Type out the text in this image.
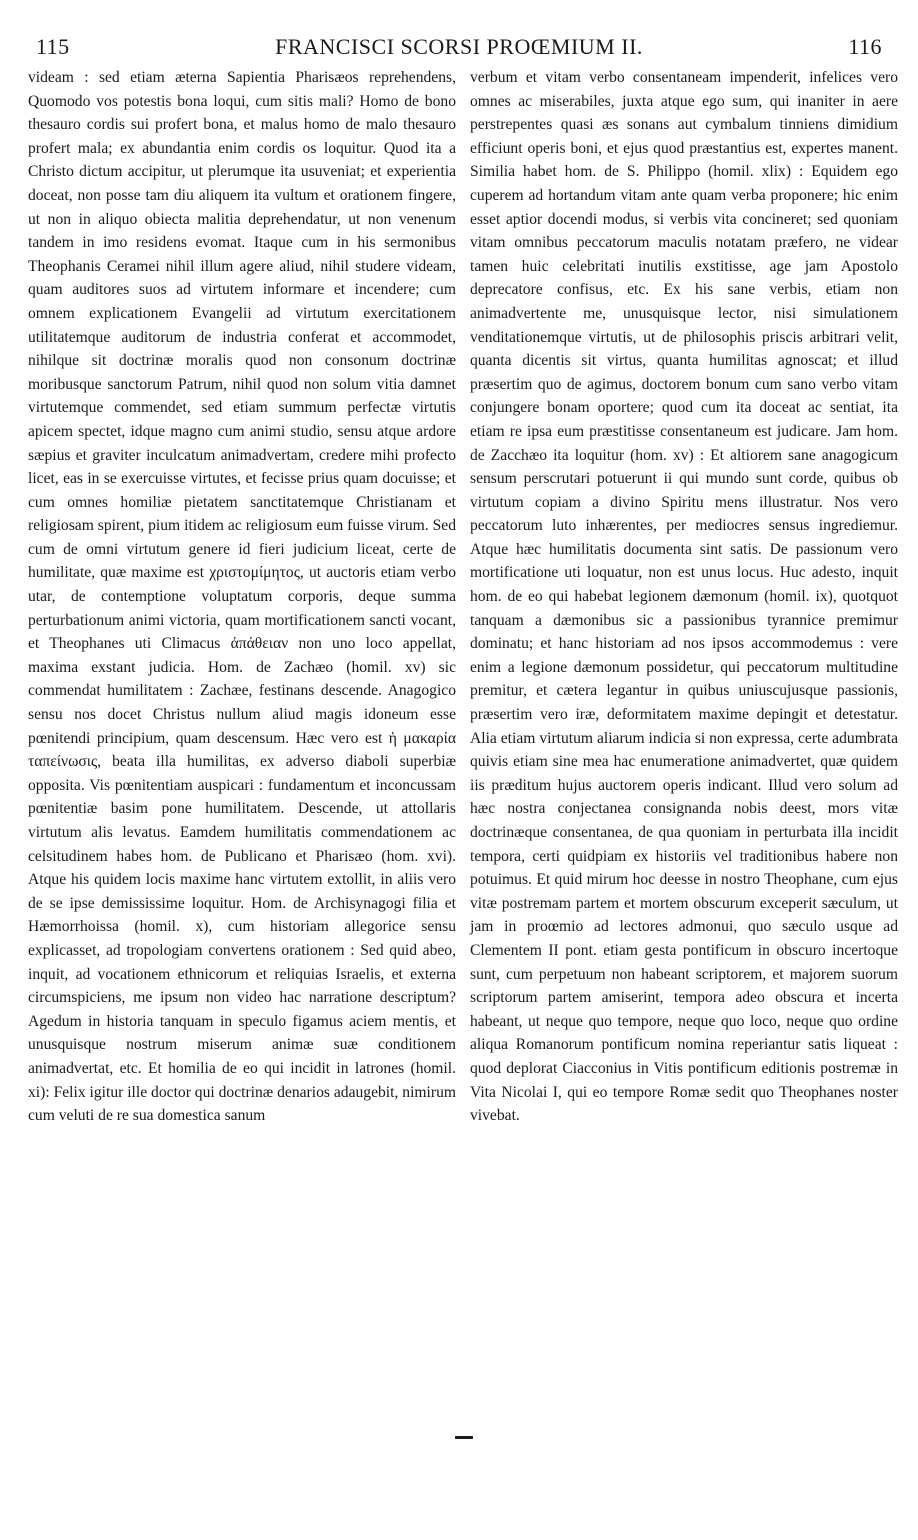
115	FRANCISCI SCORSI PROŒMIUM II.	116

videam : sed etiam æterna Sapientia Pharisæos reprehendens, Quomodo vos potestis bona loqui, cum sitis mali? Homo de bono thesauro cordis sui profert bona, et malus homo de malo thesauro profert mala; ex abundantia enim cordis os loquitur. Quod ita a Christo dictum accipitur, ut plerumque ita usuveniat; et experientia doceat, non posse tam diu aliquem ita vultum et orationem fingere, ut non in aliquo obiecta malitia deprehendatur, ut non venenum tandem in imo residens evomat. Itaque cum in his sermonibus Theophanis Ceramei nihil illum agere aliud, nihil studere videam, quam auditores suos ad virtutem informare et incendere; cum omnem explicationem Evangelii ad virtutum exercitationem utilitatemque auditorum de industria conferat et accommodet, nihilque sit doctrinæ moralis quod non consonum doctrinæ moribusque sanctorum Patrum, nihil quod non solum vitia damnet virtutemque commendet, sed etiam summum perfectæ virtutis apicem spectet, idque magno cum animi studio, sensu atque ardore sæpius et graviter inculcatum animadvertam, credere mihi profecto licet, eas in se exercuisse virtutes, et fecisse prius quam docuisse; et cum omnes homiliæ pietatem sanctitatemque Christianam et religiosam spirent, pium itidem ac religiosum eum fuisse virum. Sed cum de omni virtutum genere id fieri judicium liceat, certe de humilitate, quæ maxime est χριστομίμητος, ut auctoris etiam verbo utar, de contemptione voluptatum corporis, deque summa perturbationum animi victoria, quam mortificationem sancti vocant, et Theophanes uti Climacus ἀπάθειαν non uno loco appellat, maxima exstant judicia. Hom. de Zachæo (homil. xv) sic commendat humilitatem : Zachæe, festinans descende. Anagogico sensu nos docet Christus nullum aliud magis idoneum esse pœnitendi principium, quam descensum. Hæc vero est ἡ μακαρία ταπείνωσις, beata illa humilitas, ex adverso diaboli superbiæ opposita. Vis pœnitentiam auspicari : fundamentum et inconcussam pœnitentiæ basim pone humilitatem. Descende, ut attollaris virtutum alis levatus. Eamdem humilitatis commendationem ac celsitudinem habes hom. de Publicano et Pharisæo (hom. xvi). Atque his quidem locis maxime hanc virtutem extollit, in aliis vero de se ipse demississime loquitur. Hom. de Archisynagogi filia et Hæmorrhoissa (homil. x), cum historiam allegorice sensu explicasset, ad tropologiam convertens orationem : Sed quid abeo, inquit, ad vocationem ethnicorum et reliquias Israelis, et externa circumspiciens, me ipsum non video hac narratione descriptum? Agedum in historia tanquam in speculo figamus aciem mentis, et unusquisque nostrum miserum animæ suæ conditionem animadvertat, etc. Et homilia de eo qui incidit in latrones (homil. xi): Felix igitur ille doctor qui doctrinæ denarios adaugebit, nimirum cum veluti de re sua domestica sanum

verbum et vitam verbo consentaneam impenderit, infelices vero omnes ac miserabiles, juxta atque ego sum, qui inaniter in aere perstrepentes quasi æs sonans aut cymbalum tinniens dimidium efficiunt operis boni, et ejus quod præstantius est, expertes manent. Similia habet hom. de S. Philippo (homil. xlix) : Equidem ego cuperem ad hortandum vitam ante quam verba proponere; hic enim esset aptior docendi modus, si verbis vita concineret; sed quoniam vitam omnibus peccatorum maculis notatam præfero, ne videar tamen huic celebritati inutilis exstitisse, age jam Apostolo deprecatore confisus, etc. Ex his sane verbis, etiam non animadvertente me, unusquisque lector, nisi simulationem venditationemque virtutis, ut de philosophis priscis arbitrari velit, quanta dicentis sit virtus, quanta humilitas agnoscat; et illud præsertim quo de agimus, doctorem bonum cum sano verbo vitam conjungere bonam oportere; quod cum ita doceat ac sentiat, ita etiam re ipsa eum præstitisse consentaneum est judicare. Jam hom. de Zacchæo ita loquitur (hom. xv) : Et altiorem sane anagogicum sensum perscrutari potuerunt ii qui mundo sunt corde, quibus ob virtutum copiam a divino Spiritu mens illustratur. Nos vero peccatorum luto inhærentes, per mediocres sensus ingrediemur. Atque hæc humilitatis documenta sint satis. De passionum vero mortificatione uti loquatur, non est unus locus. Huc adesto, inquit hom. de eo qui habebat legionem dæmonum (homil. ix), quotquot tanquam a dæmonibus sic a passionibus tyrannice premimur dominatu; et hanc historiam ad nos ipsos accommodemus : vere enim a legione dæmonum possidetur, qui peccatorum multitudine premitur, et cætera legantur in quibus uniuscujusque passionis, præsertim vero iræ, deformitatem maxime depingit et detestatur. Alia etiam virtutum aliarum indicia si non expressa, certe adumbrata quivis etiam sine mea hac enumeratione animadvertet, quæ quidem iis præditum hujus auctorem operis indicant. Illud vero solum ad hæc nostra conjectanea consignanda nobis deest, mors vitæ doctrinæque consentanea, de qua quoniam in perturbata illa incidit tempora, certi quidpiam ex historiis vel traditionibus habere non potuimus. Et quid mirum hoc deesse in nostro Theophane, cum ejus vitæ postremam partem et mortem obscurum exceperit sæculum, ut jam in proœmio ad lectores admonui, quo sæculo usque ad Clementem II pont. etiam gesta pontificum in obscuro incertoque sunt, cum perpetuum non habeant scriptorem, et majorem suorum scriptorum partem amiserint, tempora adeo obscura et incerta habeant, ut neque quo tempore, neque quo loco, neque quo ordine aliqua Romanorum pontificum nomina reperiantur satis liqueat : quod deplorat Ciacconius in Vitis pontificum editionis postremæ in Vita Nicolai I, qui eo tempore Romæ sedit quo Theophanes noster vivebat.
